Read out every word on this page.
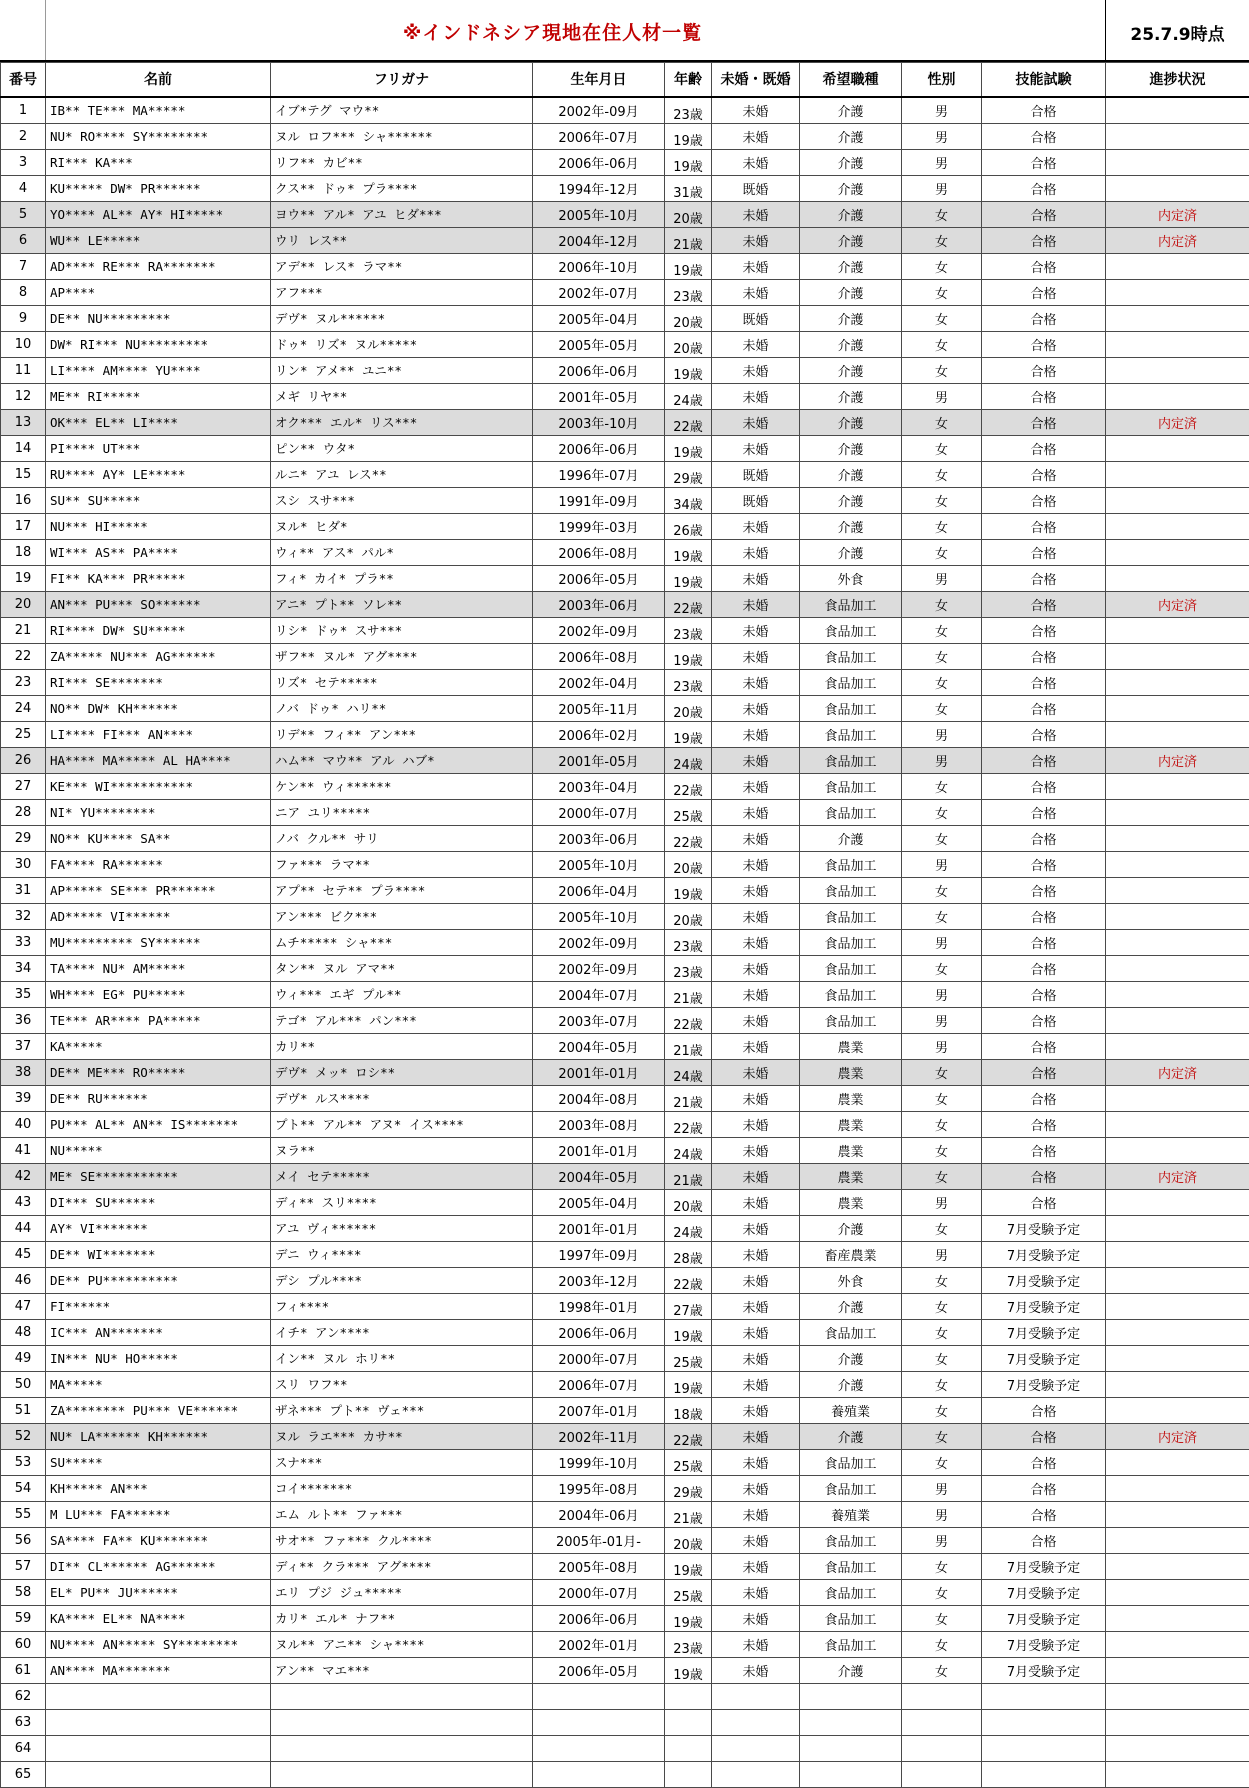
※インドネシア現地在住人材一覧	25.7.9時点
番号	名前	フリガナ	生年月日	年齢	未婚・既婚	希望職種	性別	技能試験	進捗状況
1	IB** TE*** MA*****	イブ*テグ マウ**	2002年-09月	23歳	未婚	介護	男	合格	
2	NU* RO**** SY********	ヌル ロフ*** シャ******	2006年-07月	19歳	未婚	介護	男	合格	
3	RI*** KA***	リフ** カビ**	2006年-06月	19歳	未婚	介護	男	合格	
4	KU***** DW* PR******	クス** ドゥ* プラ****	1994年-12月	31歳	既婚	介護	男	合格	
5	YO**** AL** AY* HI*****	ヨウ** アル* アユ ヒダ***	2005年-10月	20歳	未婚	介護	女	合格	内定済
6	WU** LE*****	ウリ レス**	2004年-12月	21歳	未婚	介護	女	合格	内定済
7	AD**** RE*** RA*******	アデ** レス* ラマ**	2006年-10月	19歳	未婚	介護	女	合格	
8	AP****	アフ***	2002年-07月	23歳	未婚	介護	女	合格	
9	DE** NU*********	デヴ* ヌル******	2005年-04月	20歳	既婚	介護	女	合格	
10	DW* RI*** NU*********	ドゥ* リズ* ヌル*****	2005年-05月	20歳	未婚	介護	女	合格	
11	LI**** AM**** YU****	リン* アメ** ユニ**	2006年-06月	19歳	未婚	介護	女	合格	
12	ME** RI*****	メギ リヤ**	2001年-05月	24歳	未婚	介護	男	合格	
13	OK*** EL** LI****	オク*** エル* リス***	2003年-10月	22歳	未婚	介護	女	合格	内定済
14	PI**** UT***	ピン** ウタ*	2006年-06月	19歳	未婚	介護	女	合格	
15	RU**** AY* LE*****	ルニ* アユ レス**	1996年-07月	29歳	既婚	介護	女	合格	
16	SU** SU*****	スシ スサ***	1991年-09月	34歳	既婚	介護	女	合格	
17	NU*** HI*****	ヌル* ヒダ*	1999年-03月	26歳	未婚	介護	女	合格	
18	WI*** AS** PA****	ウィ** アス* パル*	2006年-08月	19歳	未婚	介護	女	合格	
19	FI** KA*** PR*****	フィ* カイ* プラ**	2006年-05月	19歳	未婚	外食	男	合格	
20	AN*** PU*** SO******	アニ* プト** ソレ**	2003年-06月	22歳	未婚	食品加工	女	合格	内定済
21	RI**** DW* SU*****	リシ* ドゥ* スサ***	2002年-09月	23歳	未婚	食品加工	女	合格	
22	ZA***** NU*** AG******	ザフ** ヌル* アグ****	2006年-08月	19歳	未婚	食品加工	女	合格	
23	RI*** SE*******	リズ* セテ*****	2002年-04月	23歳	未婚	食品加工	女	合格	
24	NO** DW* KH******	ノバ ドゥ* ハリ**	2005年-11月	20歳	未婚	食品加工	女	合格	
25	LI**** FI*** AN****	リデ** フィ** アン***	2006年-02月	19歳	未婚	食品加工	男	合格	
26	HA**** MA***** AL HA****	ハム** マウ** アル ハブ*	2001年-05月	24歳	未婚	食品加工	男	合格	内定済
27	KE*** WI***********	ケン** ウィ******	2003年-04月	22歳	未婚	食品加工	女	合格	
28	NI* YU********	ニア ユリ*****	2000年-07月	25歳	未婚	食品加工	女	合格	
29	NO** KU**** SA**	ノバ クル** サリ	2003年-06月	22歳	未婚	介護	女	合格	
30	FA**** RA******	ファ*** ラマ**	2005年-10月	20歳	未婚	食品加工	男	合格	
31	AP***** SE*** PR******	アプ** セテ** プラ****	2006年-04月	19歳	未婚	食品加工	女	合格	
32	AD***** VI******	アン*** ビク***	2005年-10月	20歳	未婚	食品加工	女	合格	
33	MU********* SY******	ムチ***** シャ***	2002年-09月	23歳	未婚	食品加工	男	合格	
34	TA**** NU* AM*****	タン** ヌル アマ**	2002年-09月	23歳	未婚	食品加工	女	合格	
35	WH**** EG* PU*****	ウィ*** エギ プル**	2004年-07月	21歳	未婚	食品加工	男	合格	
36	TE*** AR**** PA*****	テゴ* アル*** パン***	2003年-07月	22歳	未婚	食品加工	男	合格	
37	KA*****	カリ**	2004年-05月	21歳	未婚	農業	男	合格	
38	DE** ME*** RO*****	デヴ* メッ* ロシ**	2001年-01月	24歳	未婚	農業	女	合格	内定済
39	DE** RU******	デヴ* ルス****	2004年-08月	21歳	未婚	農業	女	合格	
40	PU*** AL** AN** IS*******	プト** アル** アヌ* イス****	2003年-08月	22歳	未婚	農業	女	合格	
41	NU*****	ヌラ**	2001年-01月	24歳	未婚	農業	女	合格	
42	ME* SE***********	メイ セテ*****	2004年-05月	21歳	未婚	農業	女	合格	内定済
43	DI*** SU******	ディ** スリ****	2005年-04月	20歳	未婚	農業	男	合格	
44	AY* VI*******	アユ ヴィ******	2001年-01月	24歳	未婚	介護	女	7月受験予定	
45	DE** WI*******	デニ ウィ****	1997年-09月	28歳	未婚	畜産農業	男	7月受験予定	
46	DE** PU**********	デシ プル****	2003年-12月	22歳	未婚	外食	女	7月受験予定	
47	FI******	フィ****	1998年-01月	27歳	未婚	介護	女	7月受験予定	
48	IC*** AN*******	イチ* アン****	2006年-06月	19歳	未婚	食品加工	女	7月受験予定	
49	IN*** NU* HO*****	イン** ヌル ホリ**	2000年-07月	25歳	未婚	介護	女	7月受験予定	
50	MA*****	スリ ワフ**	2006年-07月	19歳	未婚	介護	女	7月受験予定	
51	ZA******** PU*** VE******	ザネ*** プト** ヴェ***	2007年-01月	18歳	未婚	養殖業	女	合格	
52	NU* LA****** KH******	ヌル ラエ*** カサ**	2002年-11月	22歳	未婚	介護	女	合格	内定済
53	SU*****	スナ***	1999年-10月	25歳	未婚	食品加工	女	合格	
54	KH***** AN***	コイ*******	1995年-08月	29歳	未婚	食品加工	男	合格	
55	M LU*** FA******	エム ルト** ファ***	2004年-06月	21歳	未婚	養殖業	男	合格	
56	SA**** FA** KU*******	サオ** ファ*** クル****	2005年-01月-	20歳	未婚	食品加工	男	合格	
57	DI** CL****** AG******	ディ** クラ*** アグ****	2005年-08月	19歳	未婚	食品加工	女	7月受験予定	
58	EL* PU** JU******	エリ プジ ジュ*****	2000年-07月	25歳	未婚	食品加工	女	7月受験予定	
59	KA**** EL** NA****	カリ* エル* ナフ**	2006年-06月	19歳	未婚	食品加工	女	7月受験予定	
60	NU**** AN***** SY********	ヌル** アニ** シャ****	2002年-01月	23歳	未婚	食品加工	女	7月受験予定	
61	AN**** MA*******	アン** マエ***	2006年-05月	19歳	未婚	介護	女	7月受験予定	
62									
63									
64									
65									
